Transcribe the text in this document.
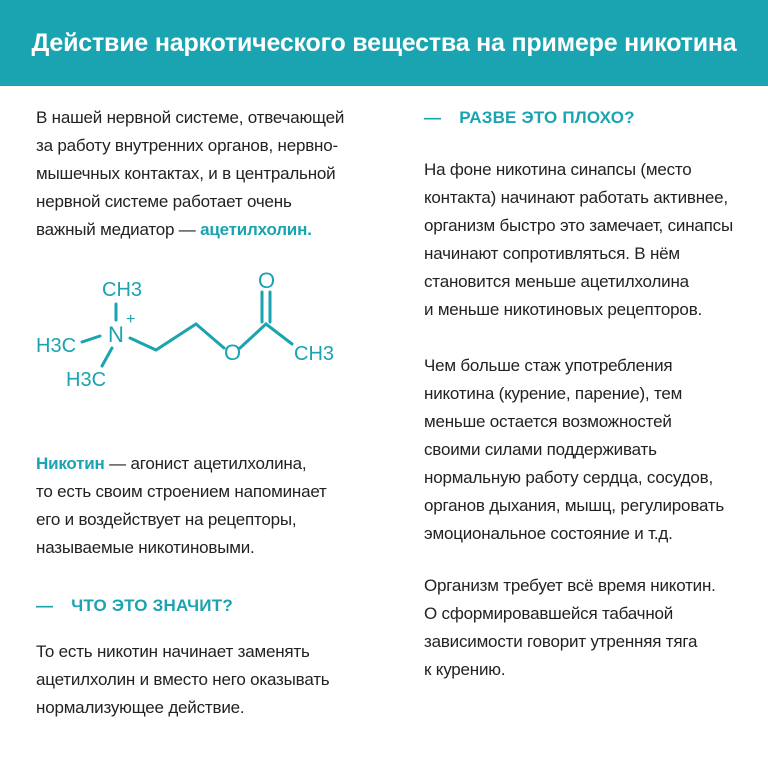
Действие наркотического вещества на примере никотина

В нашей нервной системе, отвечающей
за работу внутренних органов, нервно-
мышечных контактах, и в центральной
нервной системе работает очень
важный медиатор — ацетилхолин.

CH3
N
+
H3C
H3C
O
O	CH3

Никотин — агонист ацетилхолина,
то есть своим строением напоминает
его и воздействует на рецепторы,
называемые никотиновыми.

— ЧТО ЭТО ЗНАЧИТ?

То есть никотин начинает заменять
ацетилхолин и вместо него оказывать
нормализующее действие.

— РАЗВЕ ЭТО ПЛОХО?

На фоне никотина синапсы (место
контакта) начинают работать активнее,
организм быстро это замечает, синапсы
начинают сопротивляться. В нём
становится меньше ацетилхолина
и меньше никотиновых рецепторов.

Чем больше стаж употребления
никотина (курение, парение), тем
меньше остается возможностей
своими силами поддерживать
нормальную работу сердца, сосудов,
органов дыхания, мышц, регулировать
эмоциональное состояние и т.д.

Организм требует всё время никотин.
О сформировавшейся табачной
зависимости говорит утренняя тяга
к курению.
